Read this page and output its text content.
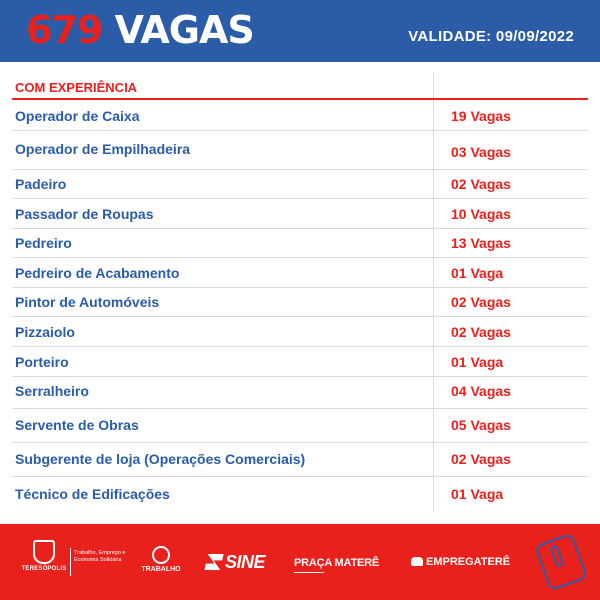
679 VAGAS	VALIDADE: 09/09/2022
COM EXPERIÊNCIA
Operador de Caixa	19 Vagas
Operador de Empilhadeira	03 Vagas
Padeiro	02 Vagas
Passador de Roupas	10 Vagas
Pedreiro	13 Vagas
Pedreiro de Acabamento	01 Vaga
Pintor de Automóveis	02 Vagas
Pizzaiolo	02 Vagas
Porteiro	01 Vaga
Serralheiro	04 Vagas
Servente de Obras	05 Vagas
Subgerente de loja (Operações Comerciais)	02 Vagas
Técnico de Edificações	01 Vaga
TERESÓPOLIS
Trabalho, Emprego e Economia Solidária
TRABALHO	SINE	PRAÇA MATERÊ	EMPREGATERÊ
